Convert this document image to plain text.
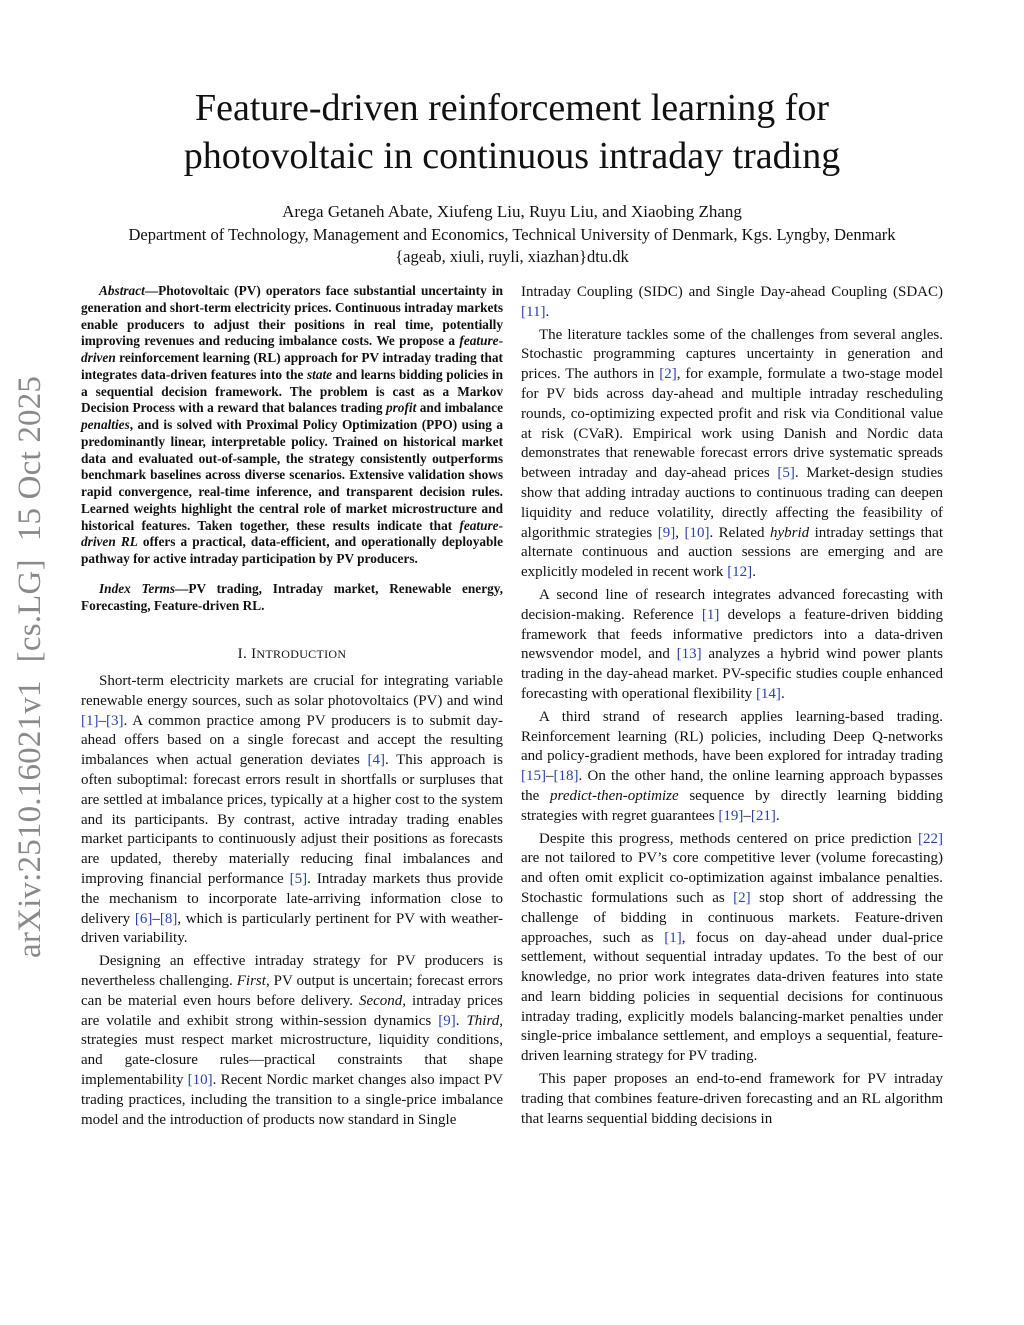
arXiv:2510.16021v1[cs.LG]15 Oct 2025
Feature-driven reinforcement learning for
photovoltaic in continuous intraday trading
Arega Getaneh Abate, Xiufeng Liu, Ruyu Liu, and Xiaobing Zhang
Department of Technology, Management and Economics, Technical University of Denmark, Kgs. Lyngby, Denmark
{ageab, xiuli, ruyli, xiazhan}dtu.dk

Abstract—Photovoltaic (PV) operators face substantial uncertainty in generation and short-term electricity prices. Continuous intraday markets enable producers to adjust their positions in real time, potentially improving revenues and reducing imbalance costs. We propose a feature-driven reinforcement learning (RL) approach for PV intraday trading that integrates data-driven features into the state and learns bidding policies in a sequential decision framework. The problem is cast as a Markov Decision Process with a reward that balances trading profit and imbalance penalties, and is solved with Proximal Policy Optimization (PPO) using a predominantly linear, interpretable policy. Trained on historical market data and evaluated out-of-sample, the strategy consistently outperforms benchmark baselines across diverse scenarios. Extensive validation shows rapid convergence, real-time inference, and transparent decision rules. Learned weights highlight the central role of market microstructure and historical features. Taken together, these results indicate that feature-driven RL offers a practical, data-efficient, and operationally deployable pathway for active intraday participation by PV producers.

Index Terms—PV trading, Intraday market, Renewable energy, Forecasting, Feature-driven RL.

I. INTRODUCTION

Short-term electricity markets are crucial for integrating variable renewable energy sources, such as solar photovoltaics (PV) and wind [1]–[3]. A common practice among PV producers is to submit day-ahead offers based on a single forecast and accept the resulting imbalances when actual generation deviates [4]. This approach is often suboptimal: forecast errors result in shortfalls or surpluses that are settled at imbalance prices, typically at a higher cost to the system and its participants. By contrast, active intraday trading enables market participants to continuously adjust their positions as forecasts are updated, thereby materially reducing final imbalances and improving financial performance [5]. Intraday markets thus provide the mechanism to incorporate late-arriving information close to delivery [6]–[8], which is particularly pertinent for PV with weather-driven variability.

Designing an effective intraday strategy for PV producers is nevertheless challenging. First, PV output is uncertain; forecast errors can be material even hours before delivery. Second, intraday prices are volatile and exhibit strong within-session dynamics [9]. Third, strategies must respect market microstructure, liquidity conditions, and gate-closure rules—practical constraints that shape implementability [10]. Recent Nordic market changes also impact PV trading practices, including the transition to a single-price imbalance model and the introduction of products now standard in Single

Intraday Coupling (SIDC) and Single Day-ahead Coupling (SDAC) [11].

The literature tackles some of the challenges from several angles. Stochastic programming captures uncertainty in generation and prices. The authors in [2], for example, formulate a two-stage model for PV bids across day-ahead and multiple intraday rescheduling rounds, co-optimizing expected profit and risk via Conditional value at risk (CVaR). Empirical work using Danish and Nordic data demonstrates that renewable forecast errors drive systematic spreads between intraday and day-ahead prices [5]. Market-design studies show that adding intraday auctions to continuous trading can deepen liquidity and reduce volatility, directly affecting the feasibility of algorithmic strategies [9], [10]. Related hybrid intraday settings that alternate continuous and auction sessions are emerging and are explicitly modeled in recent work [12].

A second line of research integrates advanced forecasting with decision-making. Reference [1] develops a feature-driven bidding framework that feeds informative predictors into a data-driven newsvendor model, and [13] analyzes a hybrid wind power plants trading in the day-ahead market. PV-specific studies couple enhanced forecasting with operational flexibility [14].

A third strand of research applies learning-based trading. Reinforcement learning (RL) policies, including Deep Q-networks and policy-gradient methods, have been explored for intraday trading [15]–[18]. On the other hand, the online learning approach bypasses the predict-then-optimize sequence by directly learning bidding strategies with regret guarantees [19]–[21].

Despite this progress, methods centered on price prediction [22] are not tailored to PV’s core competitive lever (volume forecasting) and often omit explicit co-optimization against imbalance penalties. Stochastic formulations such as [2] stop short of addressing the challenge of bidding in continuous markets. Feature-driven approaches, such as [1], focus on day-ahead under dual-price settlement, without sequential intraday updates. To the best of our knowledge, no prior work integrates data-driven features into state and learn bidding policies in sequential decisions for continuous intraday trading, explicitly models balancing-market penalties under single-price imbalance settlement, and employs a sequential, feature-driven learning strategy for PV trading.

This paper proposes an end-to-end framework for PV intraday trading that combines feature-driven forecasting and an RL algorithm that learns sequential bidding decisions in
